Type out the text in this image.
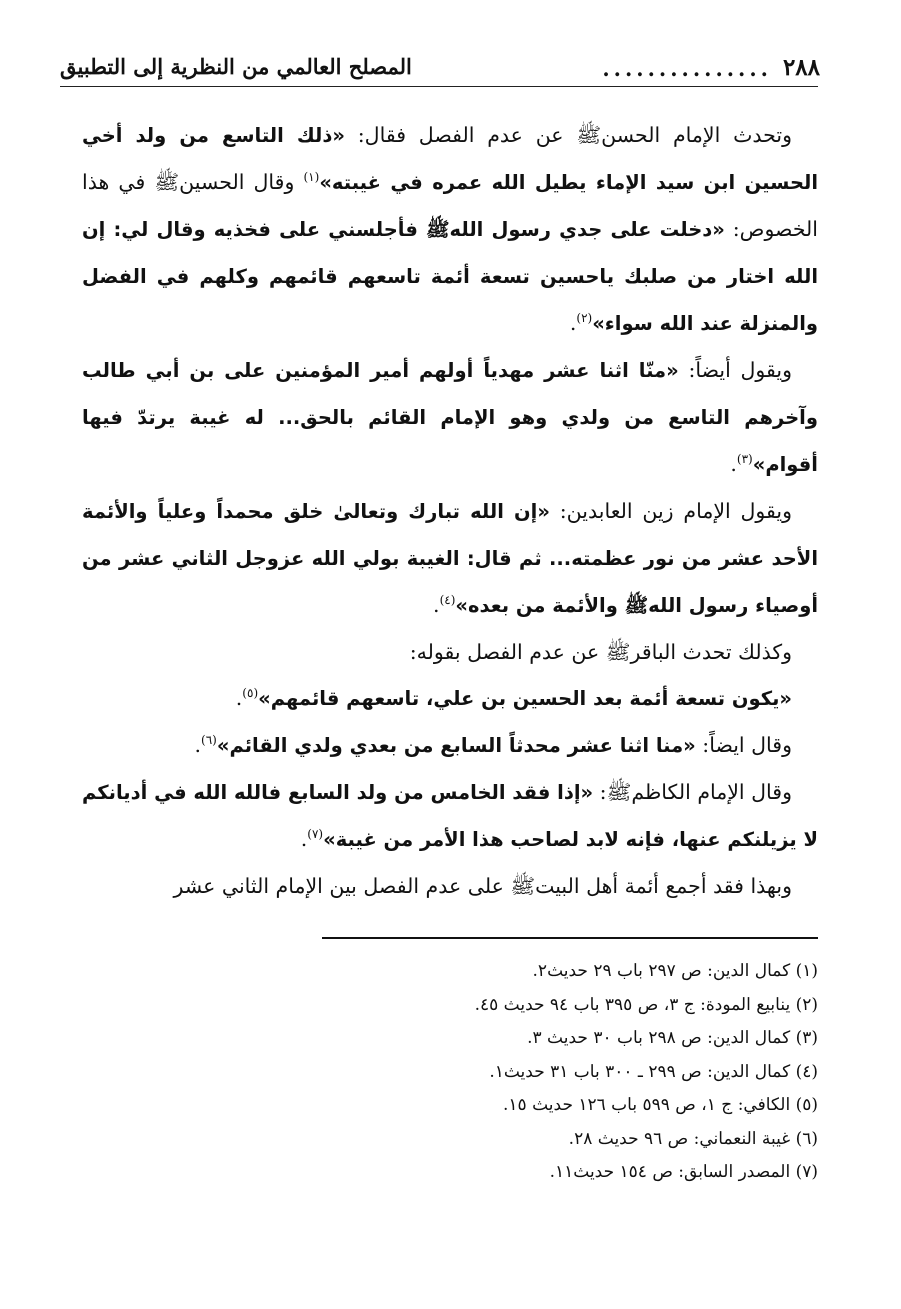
٢٨٨
...............
المصلح العالمي من النظرية إلى التطبيق

وتحدث الإمام الحسنﷺ عن عدم الفصل فقال: «ذلك التاسع من ولد أخي الحسين ابن سيد الإماء يطيل الله عمره في غيبته»$^{(١)}$ وقال الحسينﷺ في هذا الخصوص: «دخلت على جدي رسول اللهﷺ فأجلسني على فخذيه وقال لي: إن الله اختار من صلبك ياحسين تسعة أئمة تاسعهم قائمهم وكلهم في الفضل والمنزلة عند الله سواء»$^{(٢)}$.

ويقول أيضاً: «منّا اثنا عشر مهدياً أولهم أمير المؤمنين على بن أبي طالب وآخرهم التاسع من ولدي وهو الإمام القائم بالحق... له غيبة يرتدّ فيها أقوام»$^{(٣)}$.

ويقول الإمام زين العابدين: «إن الله تبارك وتعالىٰ خلق محمداً وعلياً والأئمة الأحد عشر من نور عظمته... ثم قال: الغيبة بولي الله عزوجل الثاني عشر من أوصياء رسول اللهﷺ والأئمة من بعده»$^{(٤)}$.

وكذلك تحدث الباقرﷺ عن عدم الفصل بقوله:

«يكون تسعة أئمة بعد الحسين بن علي، تاسعهم قائمهم»$^{(٥)}$.

وقال ايضاً: «منا اثنا عشر محدثاً السابع من بعدي ولدي القائم»$^{(٦)}$.

وقال الإمام الكاظمﷺ: «إذا فقد الخامس من ولد السابع فالله الله في أديانكم لا يزيلنكم عنها، فإنه لابد لصاحب هذا الأمر من غيبة»$^{(٧)}$.

وبهذا فقد أجمع أئمة أهل البيتﷺ على عدم الفصل بين الإمام الثاني عشر

(١) كمال الدين: ص ٢٩٧ باب ٢٩ حديث٢.
(٢) ينابيع المودة: ج ٣، ص ٣٩٥ باب ٩٤ حديث ٤٥.
(٣) كمال الدين: ص ٢٩٨ باب ٣٠ حديث ٣.
(٤) كمال الدين: ص ٢٩٩ ـ ٣٠٠ باب ٣١ حديث١.
(٥) الكافي: ج ١، ص ٥٩٩ باب ١٢٦ حديث ١٥.
(٦) غيبة النعماني: ص ٩٦ حديث ٢٨.
(٧) المصدر السابق: ص ١٥٤ حديث١١.
